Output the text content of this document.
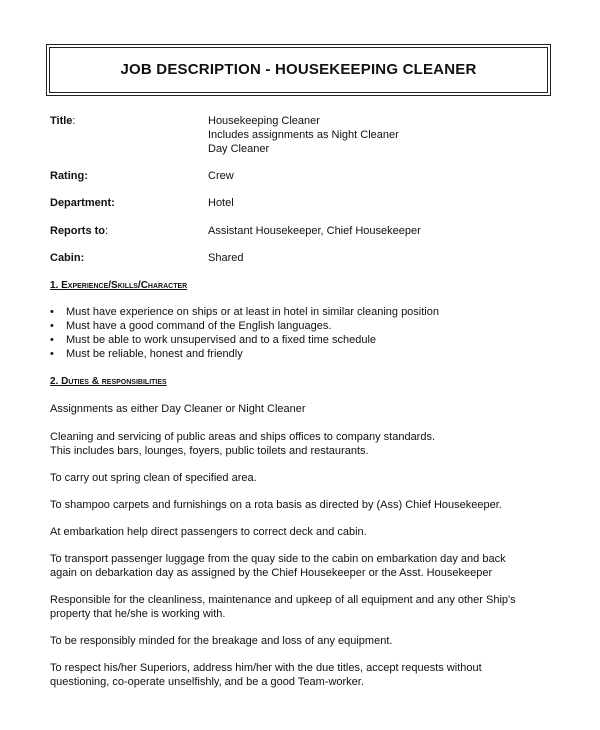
JOB DESCRIPTION - HOUSEKEEPING CLEANER
Title:	Housekeeping Cleaner
Includes assignments as Night Cleaner
Day Cleaner
Rating:	Crew
Department:	Hotel
Reports to:	Assistant Housekeeper, Chief Housekeeper
Cabin:	Shared
1. Experience/Skills/Character
• Must have experience on ships or at least in hotel in similar cleaning position
• Must have a good command of the English languages.
• Must be able to work unsupervised and to a fixed time schedule
• Must be reliable, honest and friendly
2. Duties & responsibilities
Assignments as either Day Cleaner or Night Cleaner
Cleaning and servicing of public areas and ships offices to company standards.
This includes bars, lounges, foyers, public toilets and restaurants.
To carry out spring clean of specified area.
To shampoo carpets and furnishings on a rota basis as directed by (Ass) Chief Housekeeper.
At embarkation help direct passengers to correct deck and cabin.
To transport passenger luggage from the quay side to the cabin on embarkation day and back
again on debarkation day as assigned by the Chief Housekeeper or the Asst. Housekeeper
Responsible for the cleanliness, maintenance and upkeep of all equipment and any other Ship's
property that he/she is working with.
To be responsibly minded for the breakage and loss of any equipment.
To respect his/her Superiors, address him/her with the due titles, accept requests without
questioning, co-operate unselfishly, and be a good Team-worker.
